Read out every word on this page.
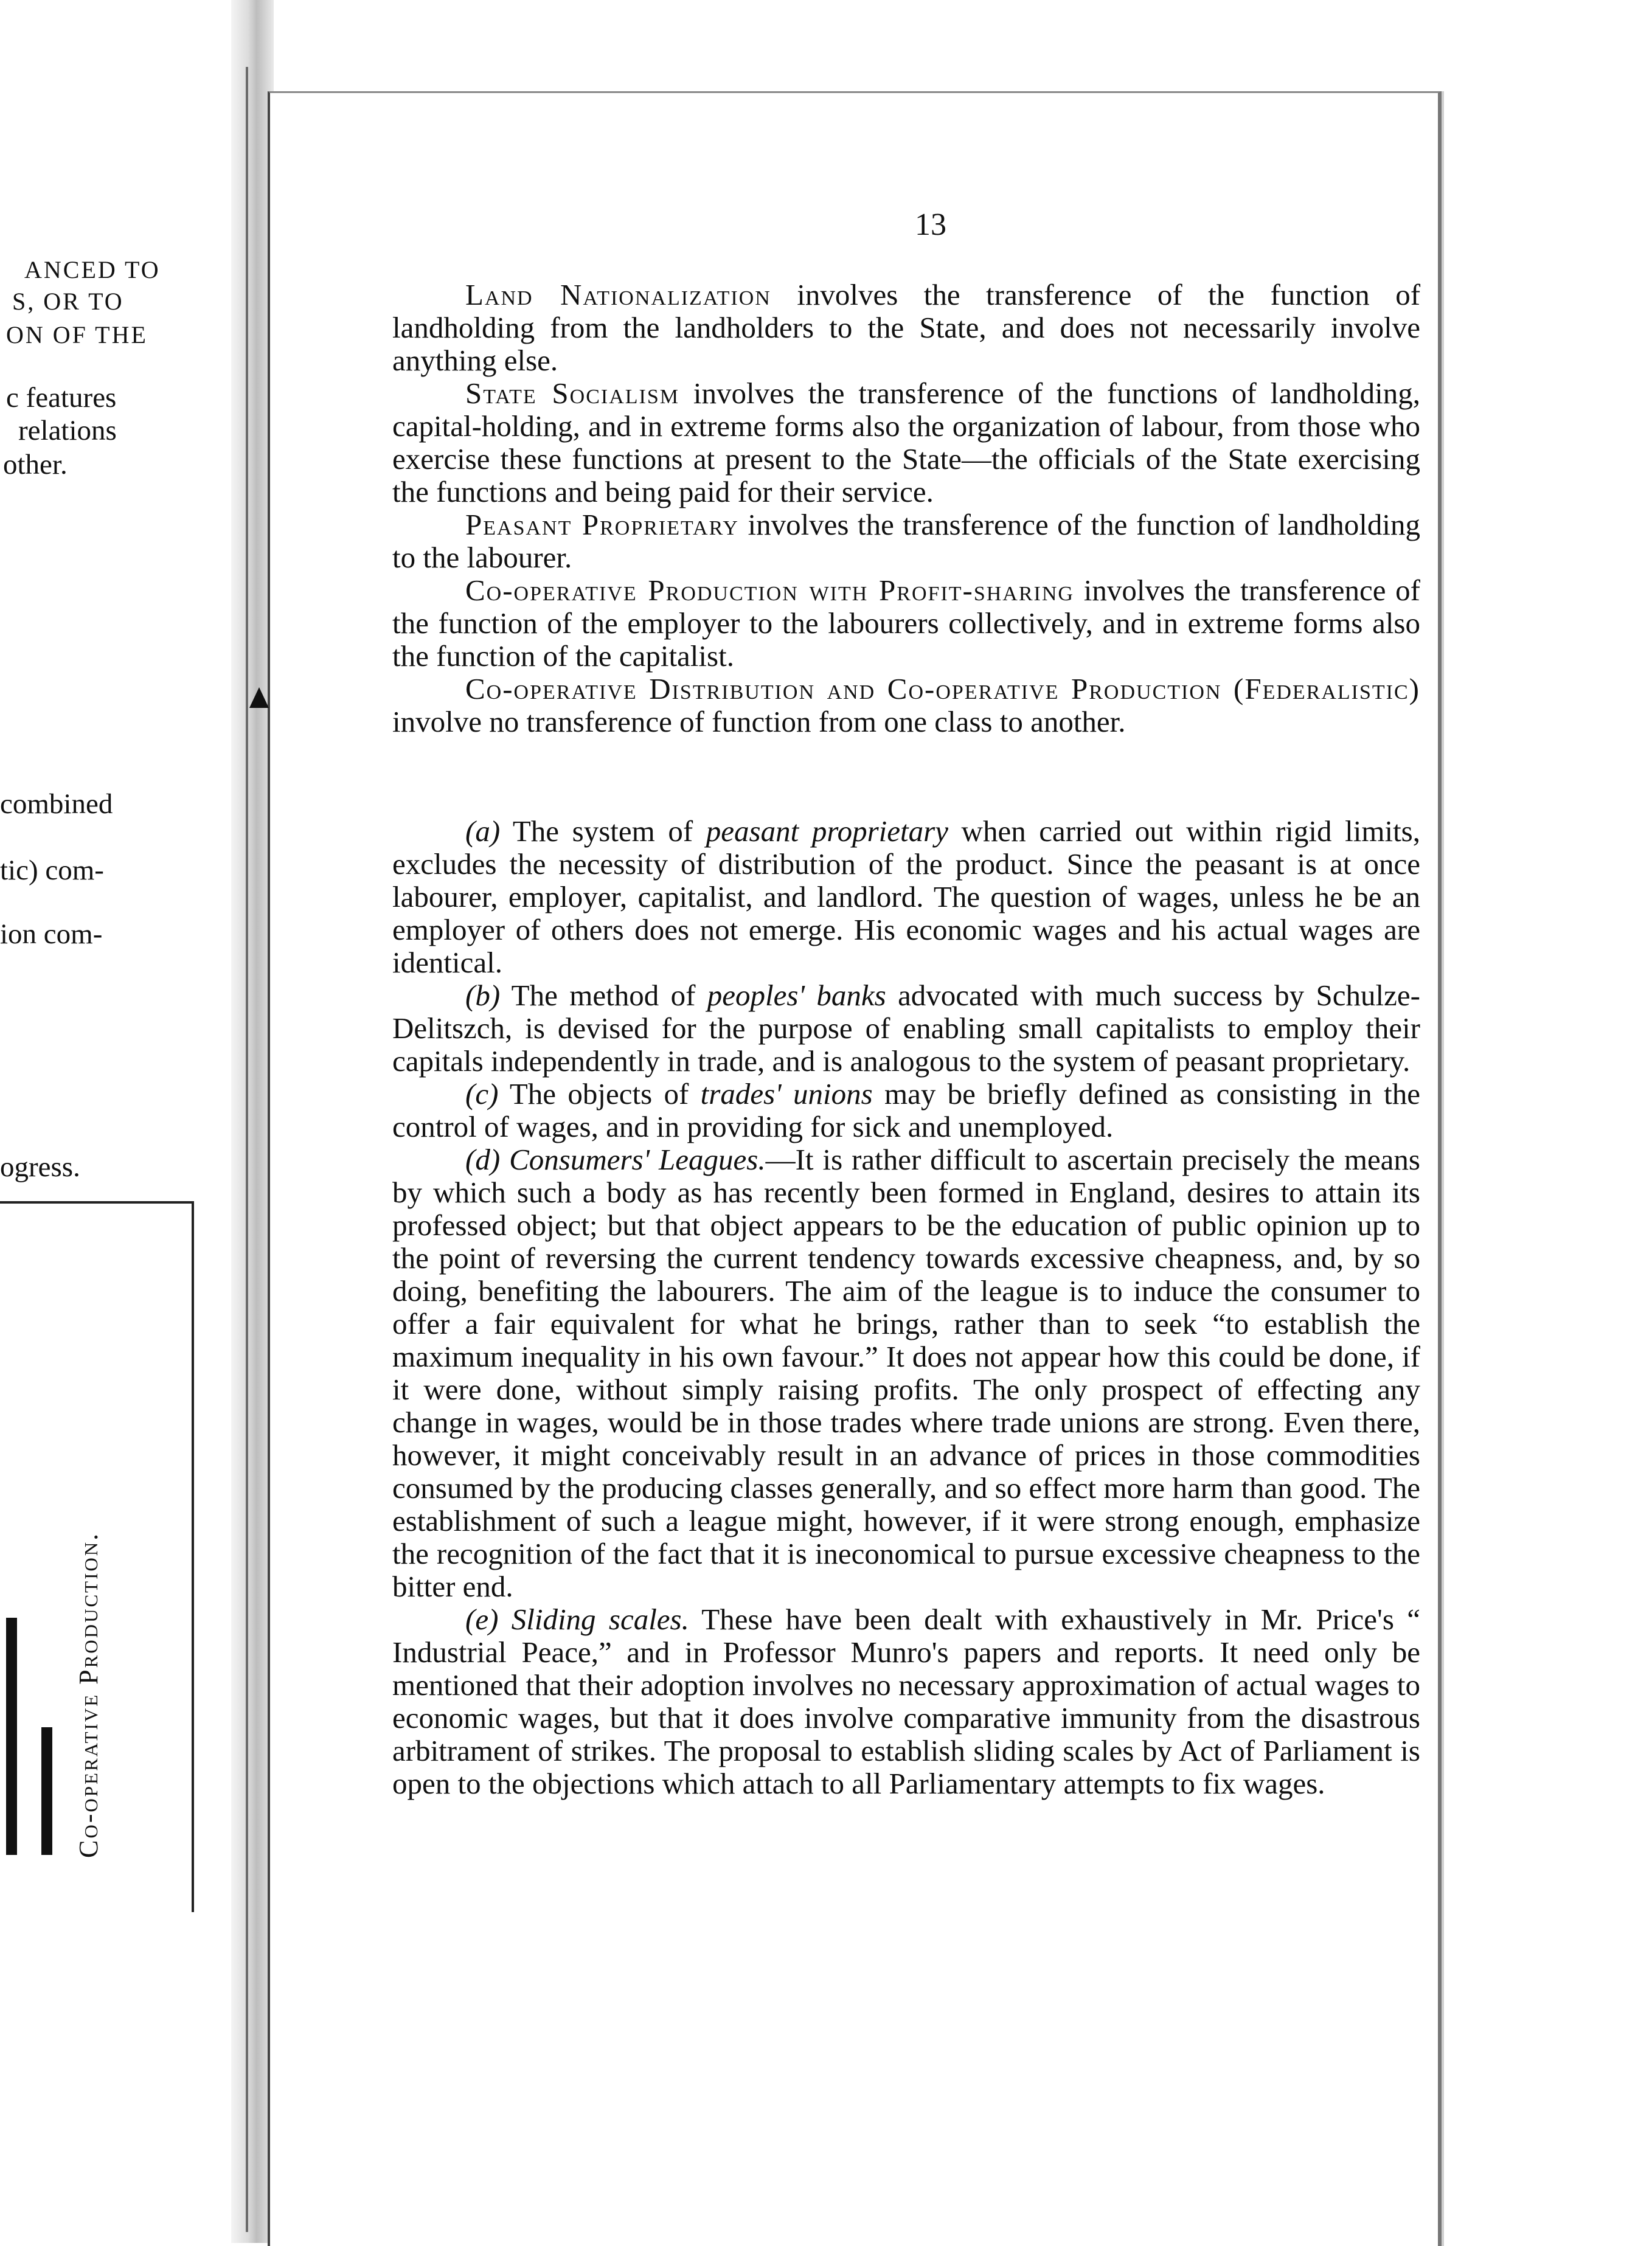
ANCED TO
S, OR TO
ON OF THE
c features
relations
other.
combined
tic) com-
ion com-
ogress.
Co-operative Production.
13

Land Nationalization involves the transference of the function of landholding from the landholders to the State, and does not necessarily involve anything else.

State Socialism involves the transference of the functions of landholding, capital-holding, and in extreme forms also the organization of labour, from those who exercise these functions at present to the State—the officials of the State exercising the functions and being paid for their service.

Peasant Proprietary involves the transference of the function of landholding to the labourer.

Co-operative Production with Profit-sharing involves the transference of the function of the employer to the labourers collectively, and in extreme forms also the function of the capitalist.

Co-operative Distribution and Co-operative Production (Federalistic) involve no transference of function from one class to another.

(a) The system of peasant proprietary when carried out within rigid limits, excludes the necessity of distribution of the product. Since the peasant is at once labourer, employer, capitalist, and landlord. The question of wages, unless he be an employer of others does not emerge. His economic wages and his actual wages are identical.

(b) The method of peoples' banks advocated with much success by Schulze-Delitszch, is devised for the purpose of enabling small capitalists to employ their capitals independently in trade, and is analogous to the system of peasant proprietary.

(c) The objects of trades' unions may be briefly defined as consisting in the control of wages, and in providing for sick and unemployed.

(d) Consumers' Leagues.—It is rather difficult to ascertain precisely the means by which such a body as has recently been formed in England, desires to attain its professed object; but that object appears to be the education of public opinion up to the point of reversing the current tendency towards excessive cheapness, and, by so doing, benefiting the labourers. The aim of the league is to induce the consumer to offer a fair equivalent for what he brings, rather than to seek “to establish the maximum inequality in his own favour.” It does not appear how this could be done, if it were done, without simply raising profits. The only prospect of effecting any change in wages, would be in those trades where trade unions are strong. Even there, however, it might conceivably result in an advance of prices in those commodities consumed by the producing classes generally, and so effect more harm than good. The establishment of such a league might, however, if it were strong enough, emphasize the recognition of the fact that it is ineconomical to pursue excessive cheapness to the bitter end.

(e) Sliding scales. These have been dealt with exhaustively in Mr. Price's “ Industrial Peace,” and in Professor Munro's papers and reports. It need only be mentioned that their adoption involves no necessary approximation of actual wages to economic wages, but that it does involve comparative immunity from the disastrous arbitrament of strikes. The proposal to establish sliding scales by Act of Parliament is open to the objections which attach to all Parliamentary attempts to fix wages.
